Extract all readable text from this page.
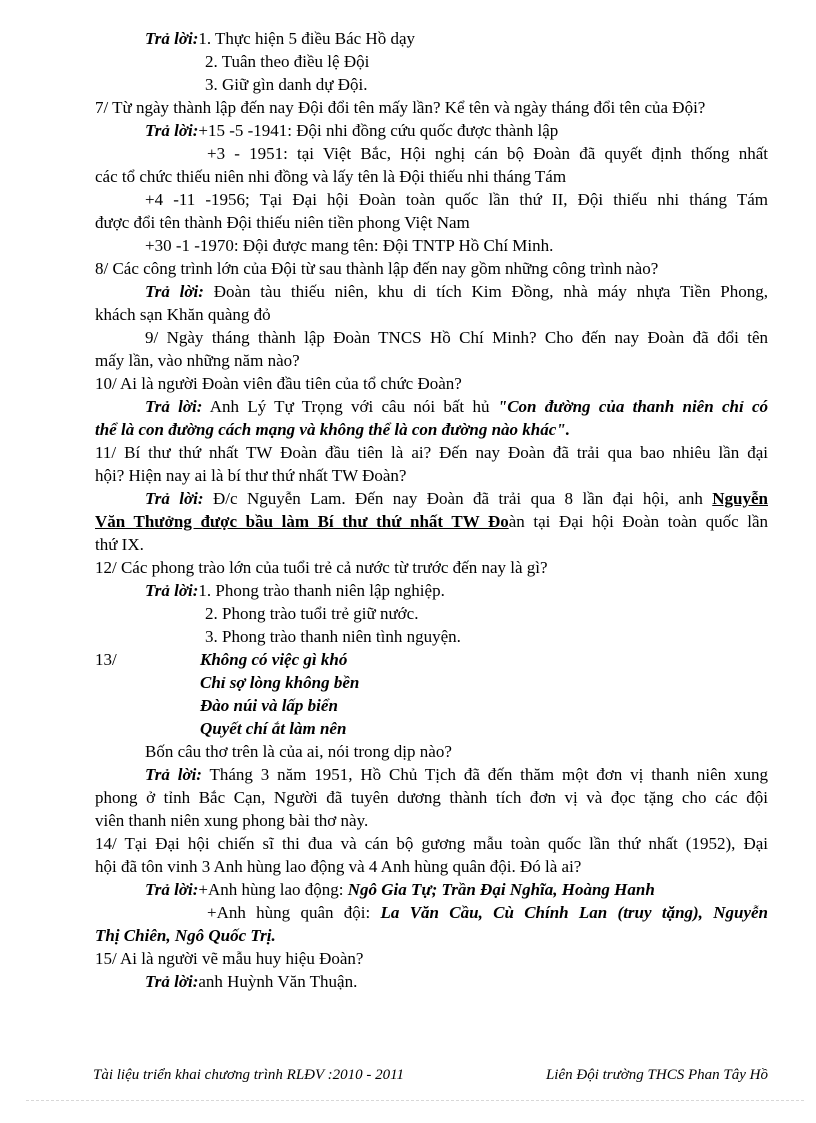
Trả lời:1. Thực hiện 5 điều Bác Hồ dạy
2. Tuân theo điều lệ Đội
3. Giữ gìn danh dự Đội.
7/ Từ ngày thành lập đến nay Đội đổi tên mấy lần? Kể tên và ngày tháng đổi tên của Đội?
Trả lời:+15 -5 -1941: Đội nhi đồng cứu quốc được thành lập
+3 - 1951: tại Việt Bắc, Hội nghị cán bộ Đoàn đã quyết định thống nhất
các tổ chức thiếu niên nhi đồng và lấy tên là Đội thiếu nhi tháng Tám
+4 -11 -1956; Tại Đại hội Đoàn toàn quốc lần thứ II, Đội thiếu nhi tháng Tám
được đổi tên thành Đội thiếu niên tiền phong Việt Nam
+30 -1 -1970: Đội được mang tên: Đội TNTP Hồ Chí Minh.
8/ Các công trình lớn của Đội từ sau thành lập đến nay gồm những công trình nào?
Trả lời: Đoàn tàu thiếu niên, khu di tích Kim Đồng, nhà máy nhựa Tiền Phong,
khách sạn Khăn quàng đỏ
9/ Ngày tháng thành lập Đoàn TNCS Hồ Chí Minh? Cho đến nay Đoàn đã đổi tên
mấy lần, vào những năm nào?
10/ Ai là người Đoàn viên đầu tiên của tổ chức Đoàn?
Trả lời: Anh Lý Tự Trọng với câu nói bất hủ "Con đường của thanh niên chỉ có
thể là con đường cách mạng và không thể là con đường nào khác".
11/ Bí thư thứ nhất TW Đoàn đầu tiên là ai? Đến nay Đoàn đã trải qua bao nhiêu lần đại
hội? Hiện nay ai là bí thư thứ nhất TW Đoàn?
Trả lời: Đ/c Nguyễn Lam. Đến nay Đoàn đã trải qua 8 lần đại hội, anh Nguyễn
Văn Thưởng được bầu làm Bí thư thứ nhất TW Đoàn tại Đại hội Đoàn toàn quốc lần
thứ IX.
12/ Các phong trào lớn của tuổi trẻ cả nước từ trước đến nay là gì?
Trả lời:1. Phong trào thanh niên lập nghiệp.
2. Phong trào tuổi trẻ giữ nước.
3. Phong trào thanh niên tình nguyện.
13/	Không có việc gì khó
Chỉ sợ lòng không bền
Đào núi và lấp biển
Quyết chí ắt làm nên
Bốn câu thơ trên là của ai, nói trong dịp nào?
Trả lời: Tháng 3 năm 1951, Hồ Chủ Tịch đã đến thăm một đơn vị thanh niên xung
phong ở tỉnh Bắc Cạn, Người đã tuyên dương thành tích đơn vị và đọc tặng cho các đội
viên thanh niên xung phong bài thơ này.
14/ Tại Đại hội chiến sĩ thi đua và cán bộ gương mẫu toàn quốc lần thứ nhất (1952), Đại
hội đã tôn vinh 3 Anh hùng lao động và 4 Anh hùng quân đội. Đó là ai?
Trả lời:+Anh hùng lao động: Ngô Gia Tự; Trần Đại Nghĩa, Hoàng Hanh
+Anh hùng quân đội: La Văn Cầu, Cù Chính Lan (truy tặng), Nguyễn
Thị Chiên, Ngô Quốc Trị.
15/ Ai là người vẽ mẫu huy hiệu Đoàn?
Trả lời:anh Huỳnh Văn Thuận.
Tài liệu triển khai chương trình RLĐV :2010 - 2011	Liên Đội trường THCS Phan Tây Hồ
